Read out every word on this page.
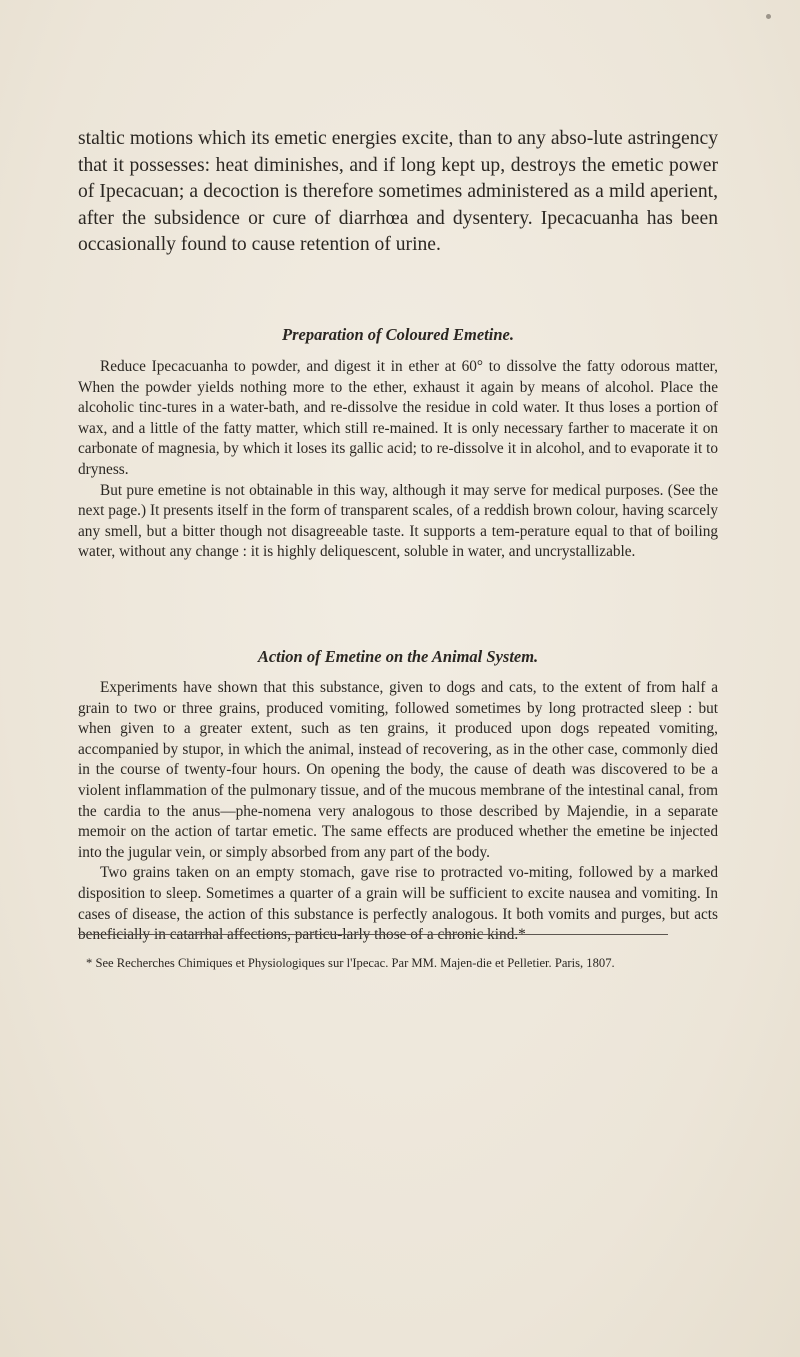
staltic motions which its emetic energies excite, than to any abso-lute astringency that it possesses: heat diminishes, and if long kept up, destroys the emetic power of Ipecacuan; a decoction is therefore sometimes administered as a mild aperient, after the subsidence or cure of diarrhœa and dysentery. Ipecacuanha has been occasionally found to cause retention of urine.

Preparation of Coloured Emetine.

Reduce Ipecacuanha to powder, and digest it in ether at 60° to dissolve the fatty odorous matter, When the powder yields nothing more to the ether, exhaust it again by means of alcohol. Place the alcoholic tinc-tures in a water-bath, and re-dissolve the residue in cold water. It thus loses a portion of wax, and a little of the fatty matter, which still re-mained. It is only necessary farther to macerate it on carbonate of magnesia, by which it loses its gallic acid; to re-dissolve it in alcohol, and to evaporate it to dryness.

But pure emetine is not obtainable in this way, although it may serve for medical purposes. (See the next page.) It presents itself in the form of transparent scales, of a reddish brown colour, having scarcely any smell, but a bitter though not disagreeable taste. It supports a tem-perature equal to that of boiling water, without any change : it is highly deliquescent, soluble in water, and uncrystallizable.

Action of Emetine on the Animal System.

Experiments have shown that this substance, given to dogs and cats, to the extent of from half a grain to two or three grains, produced vomiting, followed sometimes by long protracted sleep : but when given to a greater extent, such as ten grains, it produced upon dogs repeated vomiting, accompanied by stupor, in which the animal, instead of recovering, as in the other case, commonly died in the course of twenty-four hours. On opening the body, the cause of death was discovered to be a violent inflammation of the pulmonary tissue, and of the mucous membrane of the intestinal canal, from the cardia to the anus—phe-nomena very analogous to those described by Majendie, in a separate memoir on the action of tartar emetic. The same effects are produced whether the emetine be injected into the jugular vein, or simply absorbed from any part of the body.

Two grains taken on an empty stomach, gave rise to protracted vo-miting, followed by a marked disposition to sleep. Sometimes a quarter of a grain will be sufficient to excite nausea and vomiting. In cases of disease, the action of this substance is perfectly analogous. It both vomits and purges, but acts beneficially in catarrhal affections, particu-larly those of a chronic kind.*

* See Recherches Chimiques et Physiologiques sur l'Ipecac. Par MM. Majen-die et Pelletier. Paris, 1807.
